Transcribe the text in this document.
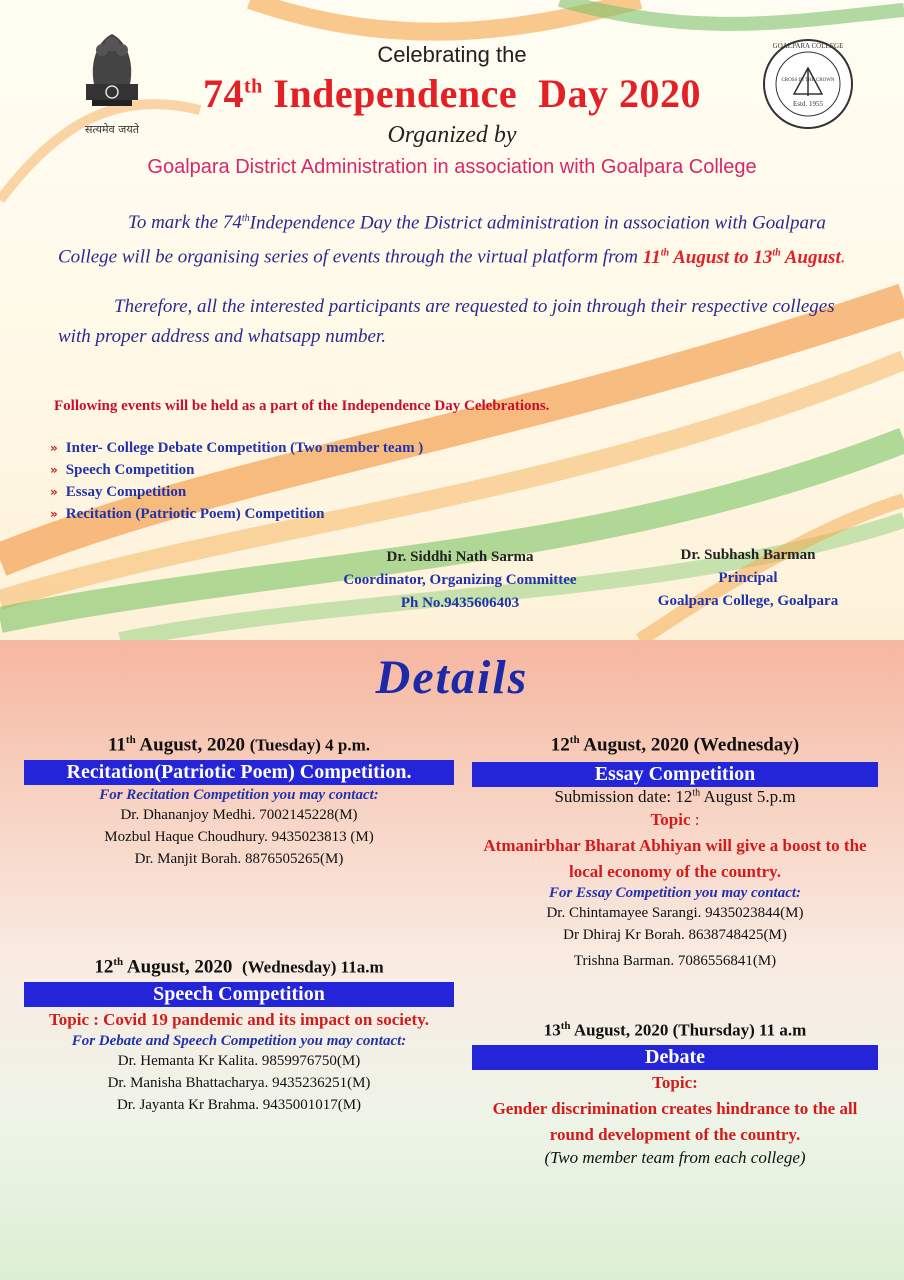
सत्यमेव जयते
GOALPARA COLLEGE
CROSS IN THE CROWN
Estd. 1955
Celebrating the
74th Independence  Day 2020
Organized by
Goalpara District Administration in association with Goalpara College
To mark the 74thIndependence Day the District administration in association with Goalpara College will be organising series of events through the virtual platform from 11th August to 13th August.
Therefore, all the interested participants are requested to join through their respective colleges with proper address and whatsapp number.
Following events will be held as a part of the Independence Day Celebrations.
» Inter- College Debate Competition (Two member team )
» Speech Competition
» Essay Competition
» Recitation (Patriotic Poem) Competition
Dr. Siddhi Nath Sarma
Coordinator, Organizing Committee
Ph No.9435606403
Dr. Subhash Barman
Principal
Goalpara College, Goalpara
Details
11th August, 2020 (Tuesday) 4 p.m.
Recitation(Patriotic Poem) Competition.
For Recitation Competition you may contact:
Dr. Dhananjoy Medhi. 7002145228(M)
Mozbul Haque Choudhury. 9435023813 (M)
Dr. Manjit Borah. 8876505265(M)
12th August, 2020 (Wednesday)
Essay Competition
Submission date: 12th August 5.p.m
Topic :
Atmanirbhar Bharat Abhiyan will give a boost to the local economy of the country.
For Essay Competition you may contact:
Dr. Chintamayee Sarangi. 9435023844(M)
Dr Dhiraj Kr Borah. 8638748425(M)
Trishna Barman. 7086556841(M)
12th August, 2020  (Wednesday) 11a.m
Speech Competition
Topic : Covid 19 pandemic and its impact on society.
For Debate and Speech Competition you may contact:
Dr. Hemanta Kr Kalita. 9859976750(M)
Dr. Manisha Bhattacharya. 9435236251(M)
Dr. Jayanta Kr Brahma. 9435001017(M)
13th August, 2020 (Thursday) 11 a.m
Debate
Topic:
Gender discrimination creates hindrance to the all round development of the country.
(Two member team from each college)
